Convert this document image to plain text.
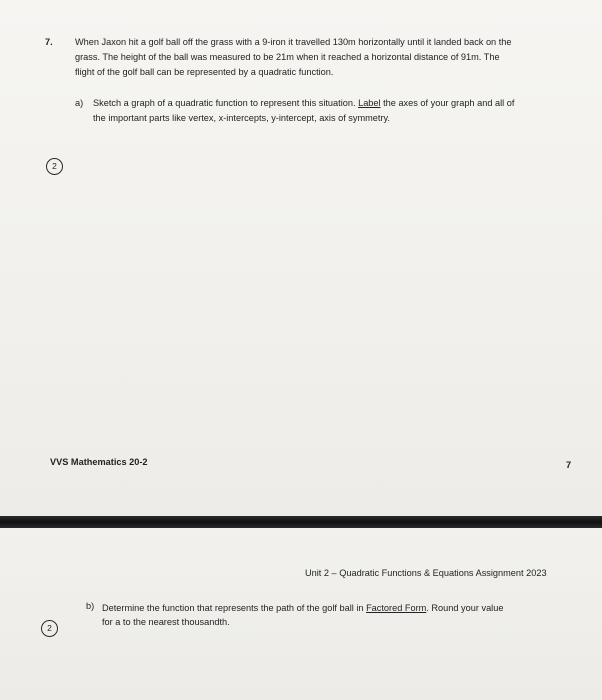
7. When Jaxon hit a golf ball off the grass with a 9-iron it travelled 130m horizontally until it landed back on the
grass. The height of the ball was measured to be 21m when it reached a horizontal distance of 91m. The
flight of the golf ball can be represented by a quadratic function.
a) Sketch a graph of a quadratic function to represent this situation. Label the axes of your graph and all of
the important parts like vertex, x-intercepts, y-intercept, axis of symmetry.
2
VVS Mathematics 20-2	7
Unit 2 – Quadratic Functions & Equations Assignment 2023
b) Determine the function that represents the path of the golf ball in Factored Form. Round your value
for a to the nearest thousandth.
2
